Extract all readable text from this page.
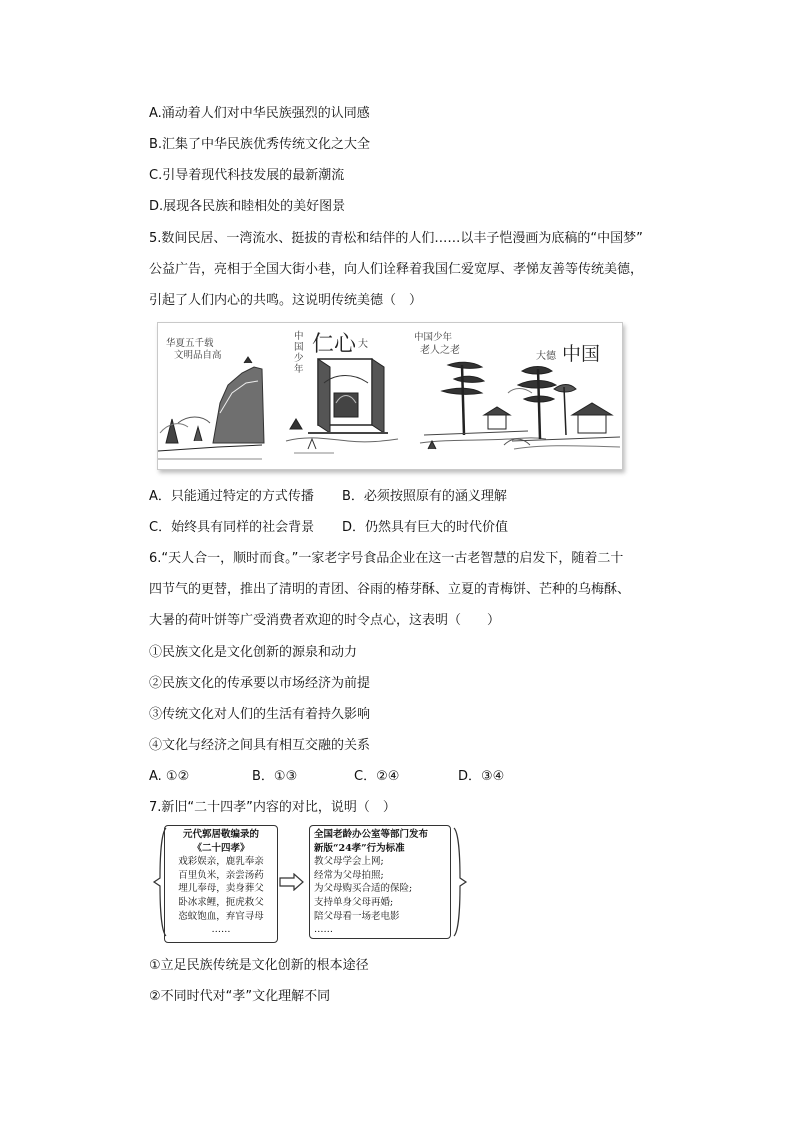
A.涌动着人们对中华民族强烈的认同感
B.汇集了中华民族优秀传统文化之大全
C.引导着现代科技发展的最新潮流
D.展现各民族和睦相处的美好图景
5.数间民居、一湾流水、挺拔的青松和结伴的人们……以丰子恺漫画为底稿的“中国梦”
公益广告，亮相于全国大街小巷，向人们诠释着我国仁爱宽厚、孝悌友善等传统美德，
引起了人们内心的共鸣。这说明传统美德（　）
华夏五千载
文明品自高
中国少年
仁心 大
中国少年
老人之老
大德 中国
A．只能通过特定的方式传播 B．必须按照原有的涵义理解
C．始终具有同样的社会背景 D．仍然具有巨大的时代价值
6.“天人合一，顺时而食。”一家老字号食品企业在这一古老智慧的启发下，随着二十
四节气的更替，推出了清明的青团、谷雨的椿芽酥、立夏的青梅饼、芒种的乌梅酥、
大暑的荷叶饼等广受消费者欢迎的时令点心，这表明（　　）
①民族文化是文化创新的源泉和动力
②民族文化的传承要以市场经济为前提
③传统文化对人们的生活有着持久影响
④文化与经济之间具有相互交融的关系
A. ①②	B．①③	C．②④	D．③④
7.新旧“二十四孝”内容的对比，说明（　）
元代郭居敬编录的
《二十四孝》
戏彩娱亲，鹿乳奉亲
百里负米，亲尝汤药
埋儿奉母，卖身葬父
卧冰求鲤，扼虎救父
恣蚊饱血，弃官寻母
……
全国老龄办公室等部门发布
新版“24孝”行为标准
教父母学会上网;
经常为父母拍照;
为父母购买合适的保险;
支持单身父母再婚;
陪父母看一场老电影
……
①立足民族传统是文化创新的根本途径
②不同时代对“孝”文化理解不同
